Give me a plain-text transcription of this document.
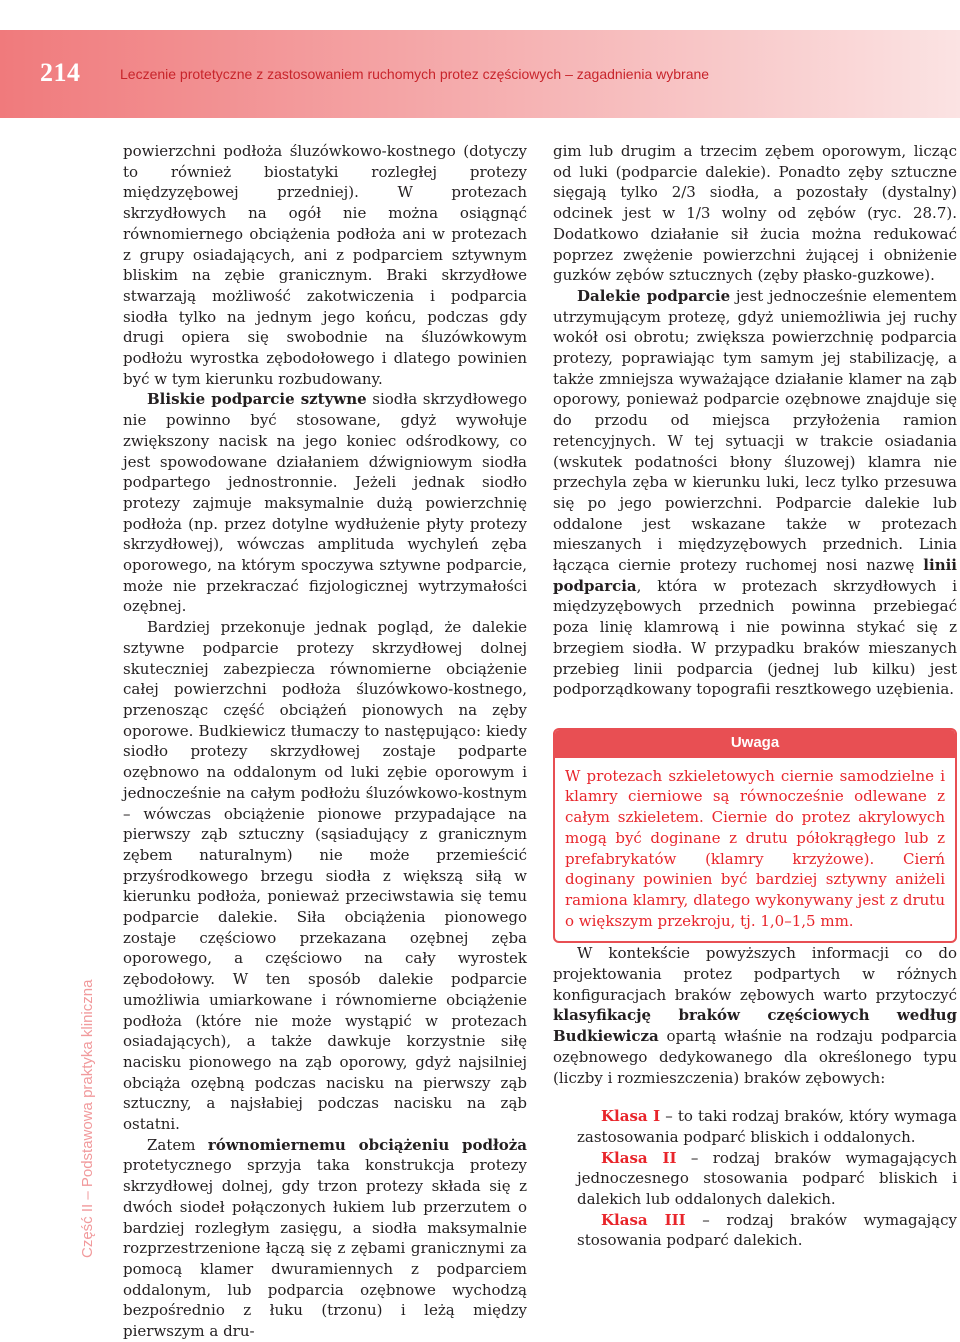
214	Leczenie protetyczne z zastosowaniem ruchomych protez częściowych – zagadnienia wybrane
Część II – Podstawowa praktyka kliniczna

powierzchni podłoża śluzówkowo-kostnego (dotyczy to również biostatyki rozległej protezy międzyzębowej przedniej). W protezach skrzydłowych na ogół nie można osiągnąć równomiernego obciążenia podłoża ani w protezach z grupy osiadających, ani z podparciem sztywnym bliskim na zębie granicznym. Braki skrzydłowe stwarzają możliwość zakotwiczenia i podparcia siodła tylko na jednym jego końcu, podczas gdy drugi opiera się swobodnie na śluzówkowym podłożu wyrostka zębodołowego i dlatego powinien być w tym kierunku rozbudowany.

Bliskie podparcie sztywne siodła skrzydłowego nie powinno być stosowane, gdyż wywołuje zwiększony nacisk na jego koniec odśrodkowy, co jest spowodowane działaniem dźwigniowym siodła podpartego jednostronnie. Jeżeli jednak siodło protezy zajmuje maksymalnie dużą powierzchnię podłoża (np. przez dotylne wydłużenie płyty protezy skrzydłowej), wówczas amplituda wychyleń zęba oporowego, na którym spoczywa sztywne podparcie, może nie przekraczać fizjologicznej wytrzymałości ozębnej.

Bardziej przekonuje jednak pogląd, że dalekie sztywne podparcie protezy skrzydłowej dolnej skuteczniej zabezpiecza równomierne obciążenie całej powierzchni podłoża śluzówkowo-kostnego, przenosząc część obciążeń pionowych na zęby oporowe. Budkiewicz tłumaczy to następująco: kiedy siodło protezy skrzydłowej zostaje podparte ozębnowo na oddalonym od luki zębie oporowym i jednocześnie na całym podłożu śluzówkowo-kostnym – wówczas obciążenie pionowe przypadające na pierwszy ząb sztuczny (sąsiadujący z granicznym zębem naturalnym) nie może przemieścić przyśrodkowego brzegu siodła z większą siłą w kierunku podłoża, ponieważ przeciwstawia się temu podparcie dalekie. Siła obciążenia pionowego zostaje częściowo przekazana ozębnej zęba oporowego, a częściowo na cały wyrostek zębodołowy. W ten sposób dalekie podparcie umożliwia umiarkowane i równomierne obciążenie podłoża (które nie może wystąpić w protezach osiadających), a także dawkuje korzystnie siłę nacisku pionowego na ząb oporowy, gdyż najsilniej obciąża ozębną podczas nacisku na pierwszy ząb sztuczny, a najsłabiej podczas nacisku na ząb ostatni.

Zatem równomiernemu obciążeniu podłoża protetycznego sprzyja taka konstrukcja protezy skrzydłowej dolnej, gdy trzon protezy składa się z dwóch siodeł połączonych łukiem lub przerzutem o bardziej rozległym zasięgu, a siodła maksymalnie rozprzestrzenione łączą się z zębami granicznymi za pomocą klamer dwuramiennych z podparciem oddalonym, lub podparcia ozębnowe wychodzą bezpośrednio z łuku (trzonu) i leżą między pierwszym a dru-

gim lub drugim a trzecim zębem oporowym, licząc od luki (podparcie dalekie). Ponadto zęby sztuczne sięgają tylko 2/3 siodła, a pozostały (dystalny) odcinek jest w 1/3 wolny od zębów (ryc. 28.7). Dodatkowo działanie sił żucia można redukować poprzez zwężenie powierzchni żującej i obniżenie guzków zębów sztucznych (zęby płasko-guzkowe).

Dalekie podparcie jest jednocześnie elementem utrzymującym protezę, gdyż uniemożliwia jej ruchy wokół osi obrotu; zwiększa powierzchnię podparcia protezy, poprawiając tym samym jej stabilizację, a także zmniejsza wyważające działanie klamer na ząb oporowy, ponieważ podparcie ozębnowe znajduje się do przodu od miejsca przyłożenia ramion retencyjnych. W tej sytuacji w trakcie osiadania (wskutek podatności błony śluzowej) klamra nie przechyla zęba w kierunku luki, lecz tylko przesuwa się po jego powierzchni. Podparcie dalekie lub oddalone jest wskazane także w protezach mieszanych i międzyzębowych przednich. Linia łącząca ciernie protezy ruchomej nosi nazwę linii podparcia, która w protezach skrzydłowych i międzyzębowych przednich powinna przebiegać poza linię klamrową i nie powinna stykać się z brzegiem siodła. W przypadku braków mieszanych przebieg linii podparcia (jednej lub kilku) jest podporządkowany topografii resztkowego uzębienia.

Uwaga
W protezach szkieletowych ciernie samodzielne i klamry cierniowe są równocześnie odlewane z całym szkieletem. Ciernie do protez akrylowych mogą być doginane z drutu półokrągłego lub z prefabrykatów (klamry krzyżowe). Cierń doginany powinien być bardziej sztywny aniżeli ramiona klamry, dlatego wykonywany jest z drutu o większym przekroju, tj. 1,0–1,5 mm.

W kontekście powyższych informacji co do projektowania protez podpartych w różnych konfiguracjach braków zębowych warto przytoczyć klasyfikację braków częściowych według Budkiewicza opartą właśnie na rodzaju podparcia ozębnowego dedykowanego dla określonego typu (liczby i rozmieszczenia) braków zębowych:

Klasa I – to taki rodzaj braków, który wymaga zastosowania podparć bliskich i oddalonych.

Klasa II – rodzaj braków wymagających jednoczesnego stosowania podparć bliskich i dalekich lub oddalonych dalekich.

Klasa III – rodzaj braków wymagający stosowania podparć dalekich.
